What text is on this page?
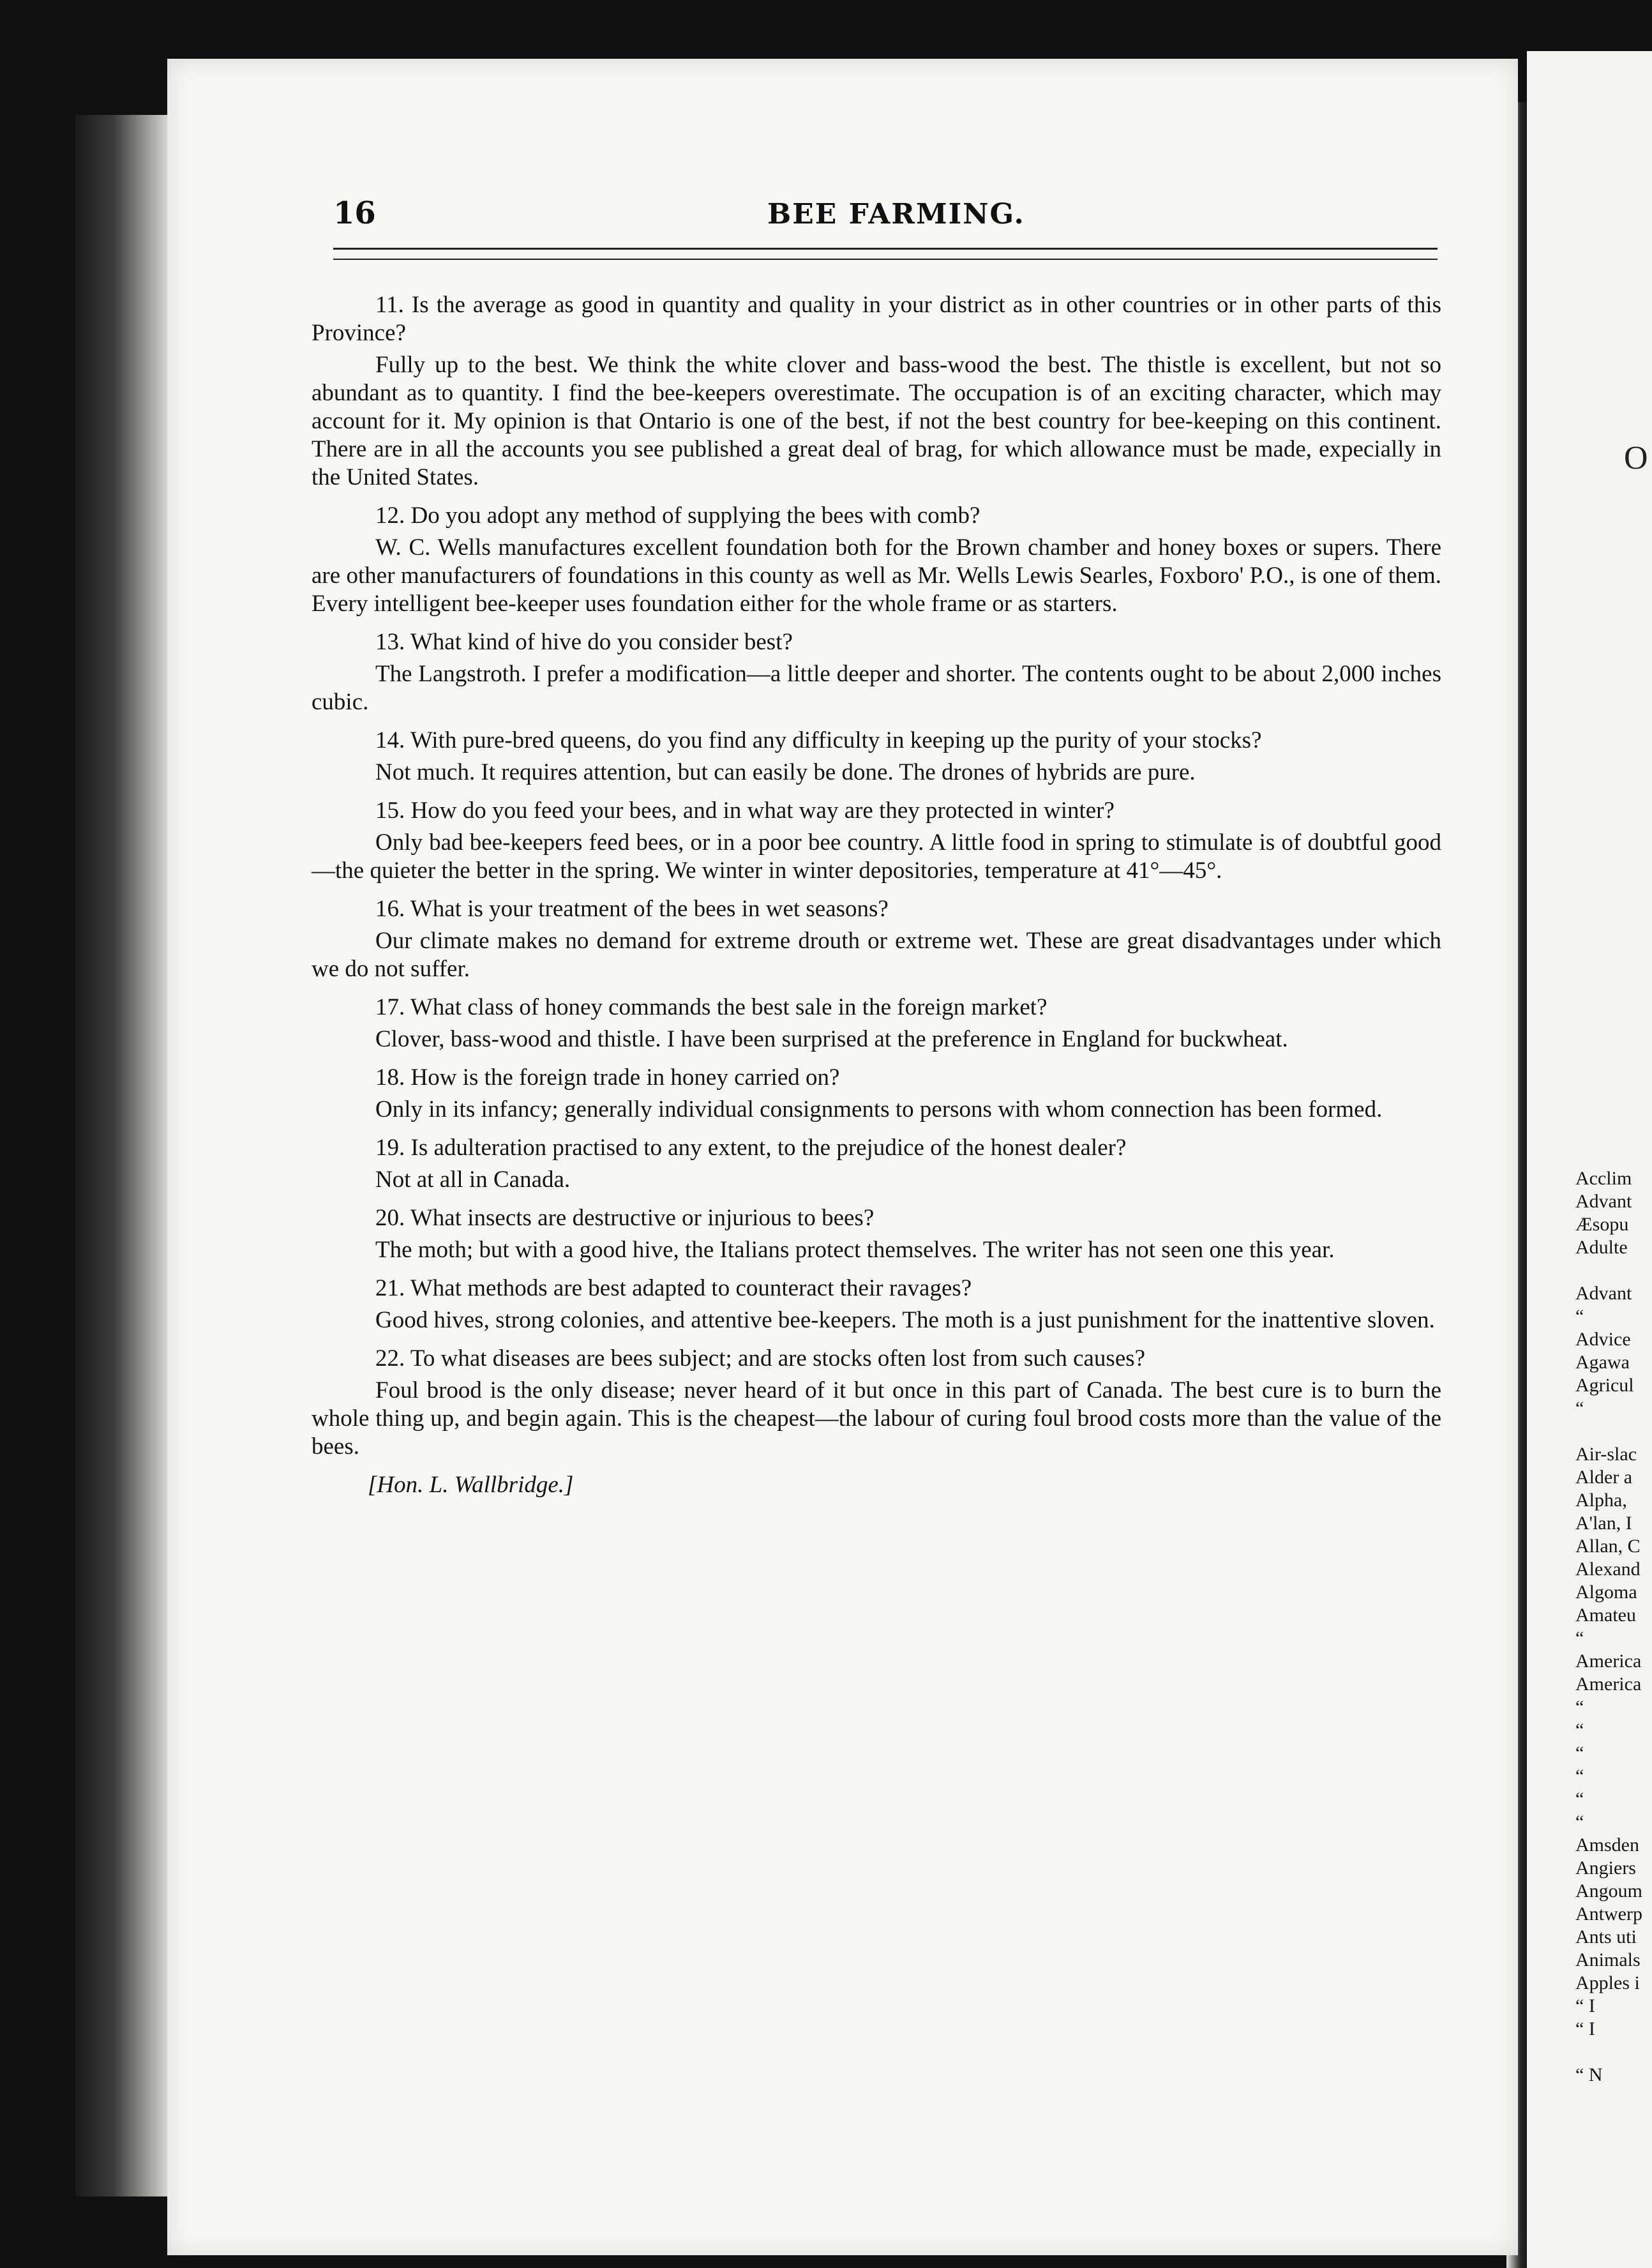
16	BEE FARMING.

11. Is the average as good in quantity and quality in your district as in other countries or in other parts of this Province?

Fully up to the best. We think the white clover and bass-wood the best. The thistle is excellent, but not so abundant as to quantity. I find the bee-keepers overestimate. The occupation is of an exciting character, which may account for it. My opinion is that Ontario is one of the best, if not the best country for bee-keeping on this continent. There are in all the accounts you see published a great deal of brag, for which allowance must be made, expecially in the United States.

12. Do you adopt any method of supplying the bees with comb?

W. C. Wells manufactures excellent foundation both for the Brown chamber and honey boxes or supers. There are other manufacturers of foundations in this county as well as Mr. Wells Lewis Searles, Foxboro' P.O., is one of them. Every intelligent bee-keeper uses foundation either for the whole frame or as starters.

13. What kind of hive do you consider best?

The Langstroth. I prefer a modification—a little deeper and shorter. The contents ought to be about 2,000 inches cubic.

14. With pure-bred queens, do you find any difficulty in keeping up the purity of your stocks?

Not much. It requires attention, but can easily be done. The drones of hybrids are pure.

15. How do you feed your bees, and in what way are they protected in winter?

Only bad bee-keepers feed bees, or in a poor bee country. A little food in spring to stimulate is of doubtful good—the quieter the better in the spring. We winter in winter depositories, temperature at 41°—45°.

16. What is your treatment of the bees in wet seasons?

Our climate makes no demand for extreme drouth or extreme wet. These are great disadvantages under which we do not suffer.

17. What class of honey commands the best sale in the foreign market?

Clover, bass-wood and thistle. I have been surprised at the preference in England for buckwheat.

18. How is the foreign trade in honey carried on?

Only in its infancy; generally individual consignments to persons with whom connection has been formed.

19. Is adulteration practised to any extent, to the prejudice of the honest dealer?

Not at all in Canada.

20. What insects are destructive or injurious to bees?

The moth; but with a good hive, the Italians protect themselves. The writer has not seen one this year.

21. What methods are best adapted to counteract their ravages?

Good hives, strong colonies, and attentive bee-keepers. The moth is a just punishment for the inattentive sloven.

22. To what diseases are bees subject; and are stocks often lost from such causes?

Foul brood is the only disease; never heard of it but once in this part of Canada. The best cure is to burn the whole thing up, and begin again. This is the cheapest—the labour of curing foul brood costs more than the value of the bees.

[Hon. L. Wallbridge.]
O
Acclim
Advant
Æsopu
Adulte
Advant
“
Advice
Agawa
Agricul
“
Air-slac
Alder a
Alpha,
A'lan, I
Allan, C
Alexand
Algoma
Amateu
“
America
America
“
“
“
“
“
“
Amsden
Angiers
Angoum
Antwerp
Ants uti
Animals
Apples i
“ I
“ I
“ N
